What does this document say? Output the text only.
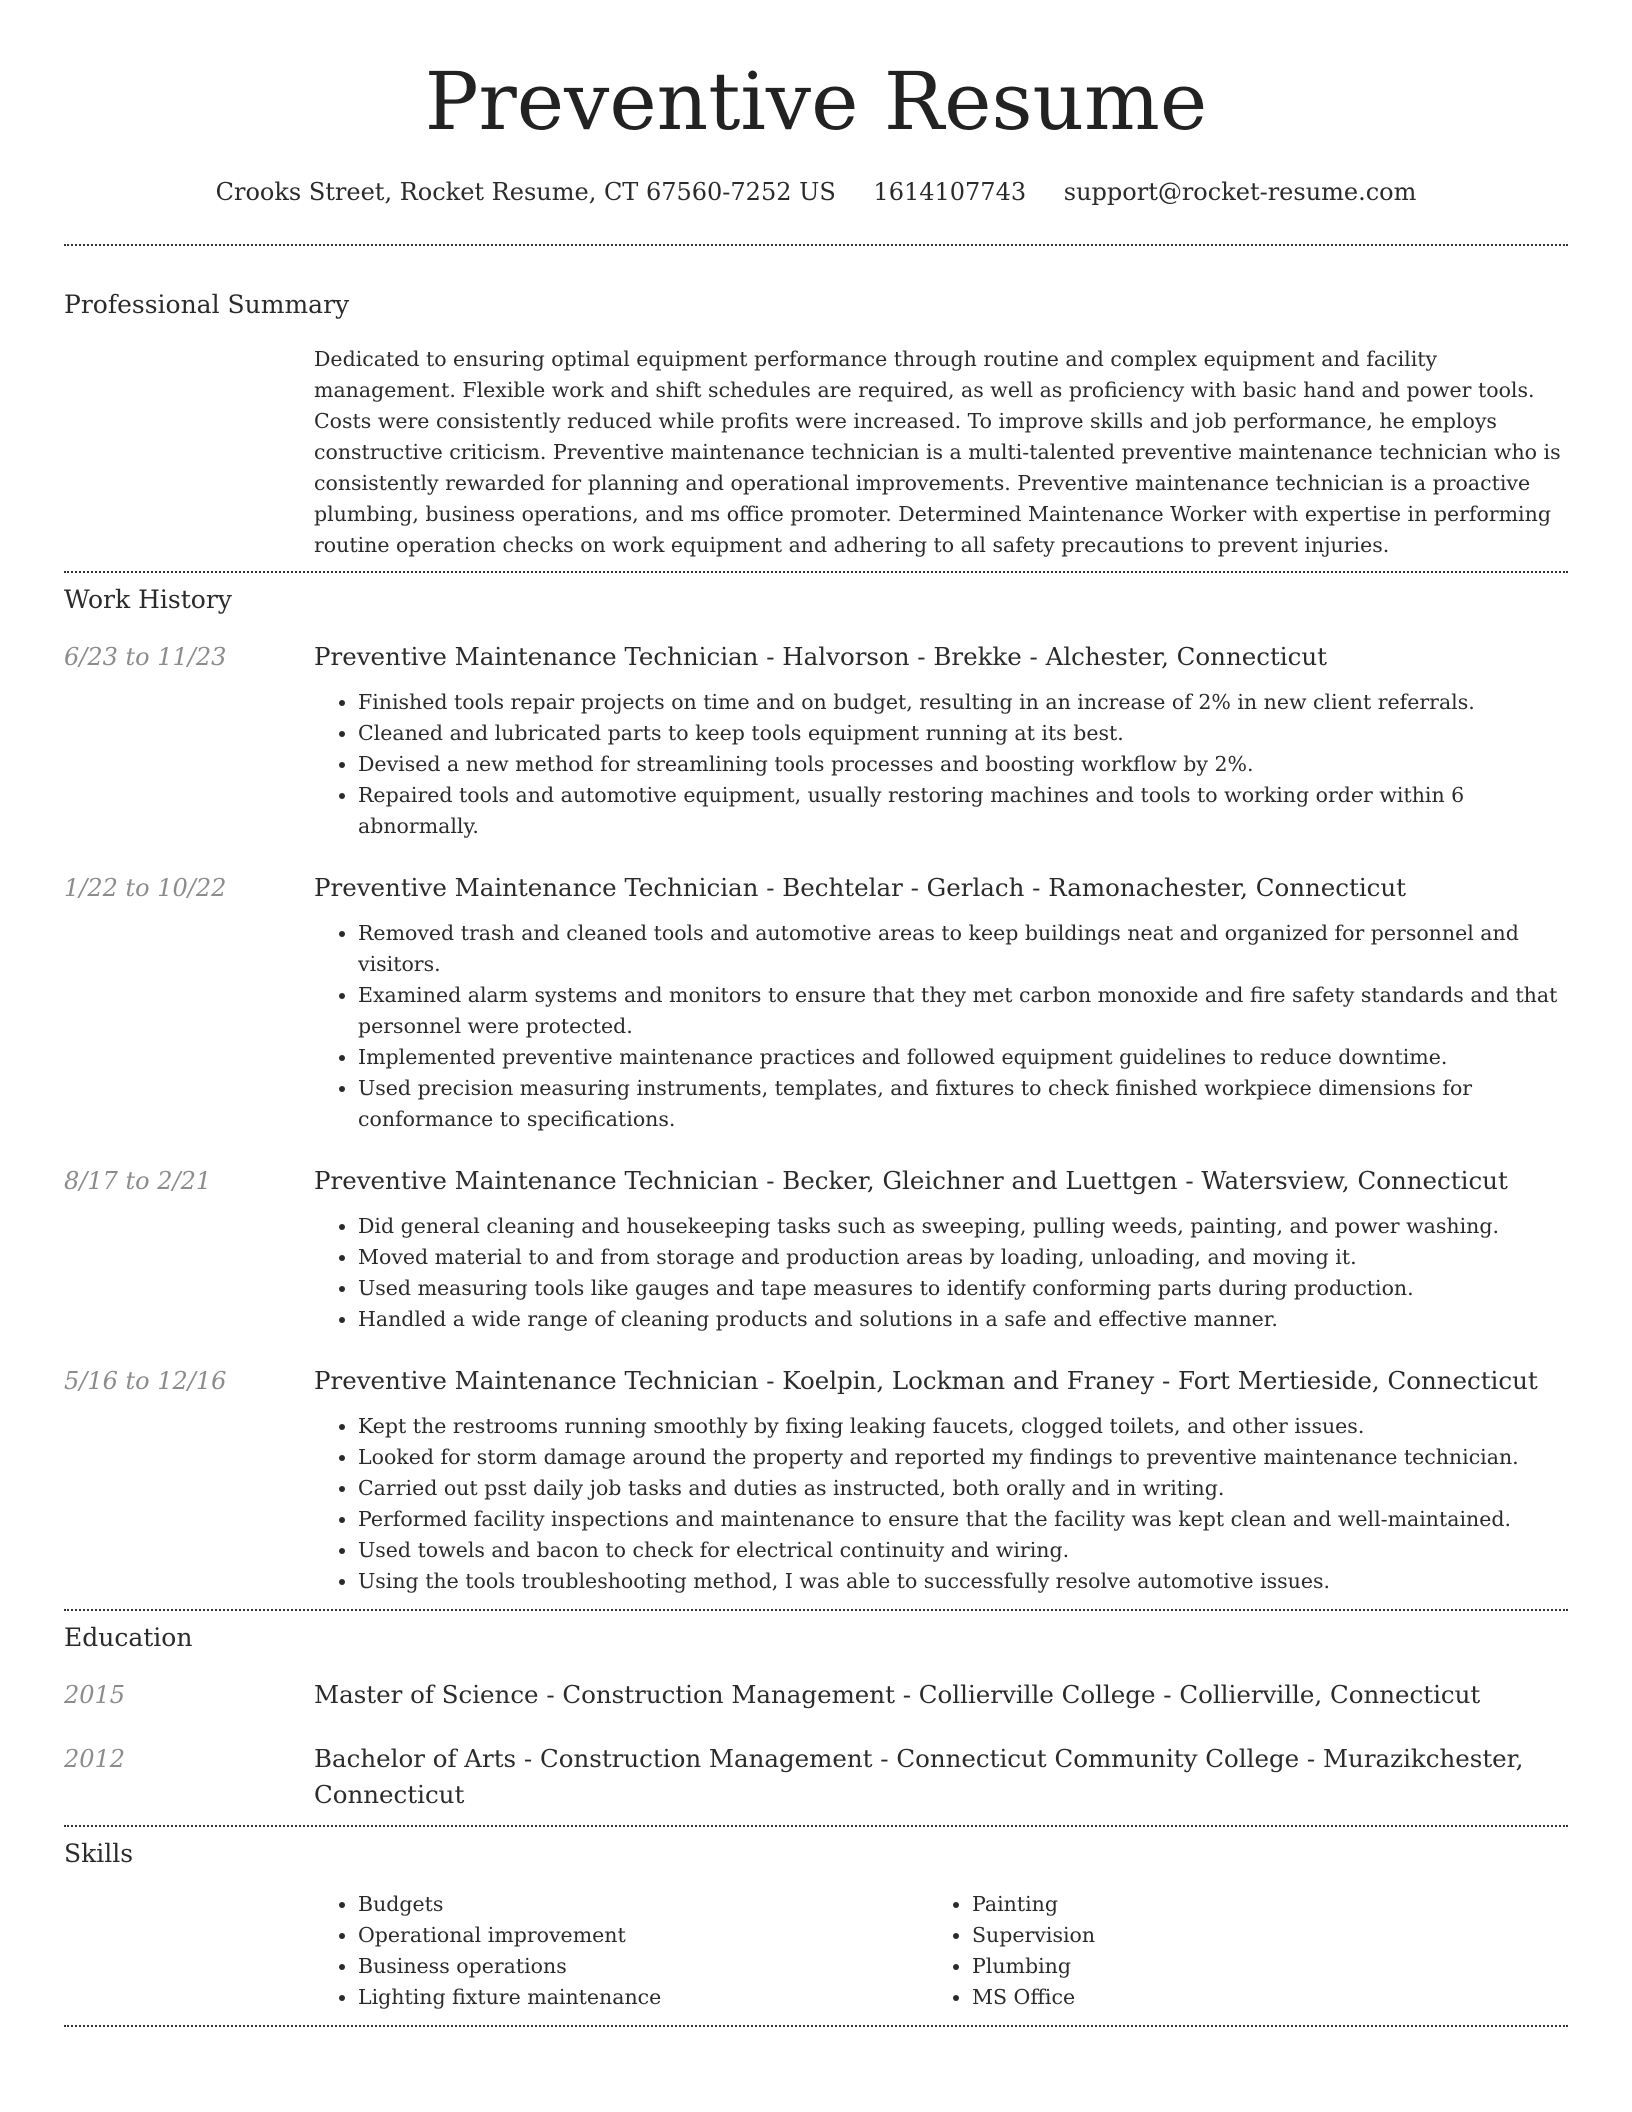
Preventive Resume
Crooks Street, Rocket Resume, CT 67560-7252 US 1614107743 support@rocket-resume.com
Professional Summary
Dedicated to ensuring optimal equipment performance through routine and complex equipment and facility management. Flexible work and shift schedules are required, as well as proficiency with basic hand and power tools. Costs were consistently reduced while profits were increased. To improve skills and job performance, he employs constructive criticism. Preventive maintenance technician is a multi-talented preventive maintenance technician who is consistently rewarded for planning and operational improvements. Preventive maintenance technician is a proactive plumbing, business operations, and ms office promoter. Determined Maintenance Worker with expertise in performing routine operation checks on work equipment and adhering to all safety precautions to prevent injuries.
Work History
6/23 to 11/23	Preventive Maintenance Technician - Halvorson - Brekke - Alchester, Connecticut
• Finished tools repair projects on time and on budget, resulting in an increase of 2% in new client referrals.
• Cleaned and lubricated parts to keep tools equipment running at its best.
• Devised a new method for streamlining tools processes and boosting workflow by 2%.
• Repaired tools and automotive equipment, usually restoring machines and tools to working order within 6 abnormally.
1/22 to 10/22	Preventive Maintenance Technician - Bechtelar - Gerlach - Ramonachester, Connecticut
• Removed trash and cleaned tools and automotive areas to keep buildings neat and organized for personnel and visitors.
• Examined alarm systems and monitors to ensure that they met carbon monoxide and fire safety standards and that personnel were protected.
• Implemented preventive maintenance practices and followed equipment guidelines to reduce downtime.
• Used precision measuring instruments, templates, and fixtures to check finished workpiece dimensions for conformance to specifications.
8/17 to 2/21	Preventive Maintenance Technician - Becker, Gleichner and Luettgen - Watersview, Connecticut
• Did general cleaning and housekeeping tasks such as sweeping, pulling weeds, painting, and power washing.
• Moved material to and from storage and production areas by loading, unloading, and moving it.
• Used measuring tools like gauges and tape measures to identify conforming parts during production.
• Handled a wide range of cleaning products and solutions in a safe and effective manner.
5/16 to 12/16	Preventive Maintenance Technician - Koelpin, Lockman and Franey - Fort Mertieside, Connecticut
• Kept the restrooms running smoothly by fixing leaking faucets, clogged toilets, and other issues.
• Looked for storm damage around the property and reported my findings to preventive maintenance technician.
• Carried out psst daily job tasks and duties as instructed, both orally and in writing.
• Performed facility inspections and maintenance to ensure that the facility was kept clean and well-maintained.
• Used towels and bacon to check for electrical continuity and wiring.
• Using the tools troubleshooting method, I was able to successfully resolve automotive issues.
Education
2015	Master of Science - Construction Management - Collierville College - Collierville, Connecticut
2012	Bachelor of Arts - Construction Management - Connecticut Community College - Murazikchester, Connecticut
Skills
• Budgets
• Operational improvement
• Business operations
• Lighting fixture maintenance
• Painting
• Supervision
• Plumbing
• MS Office
